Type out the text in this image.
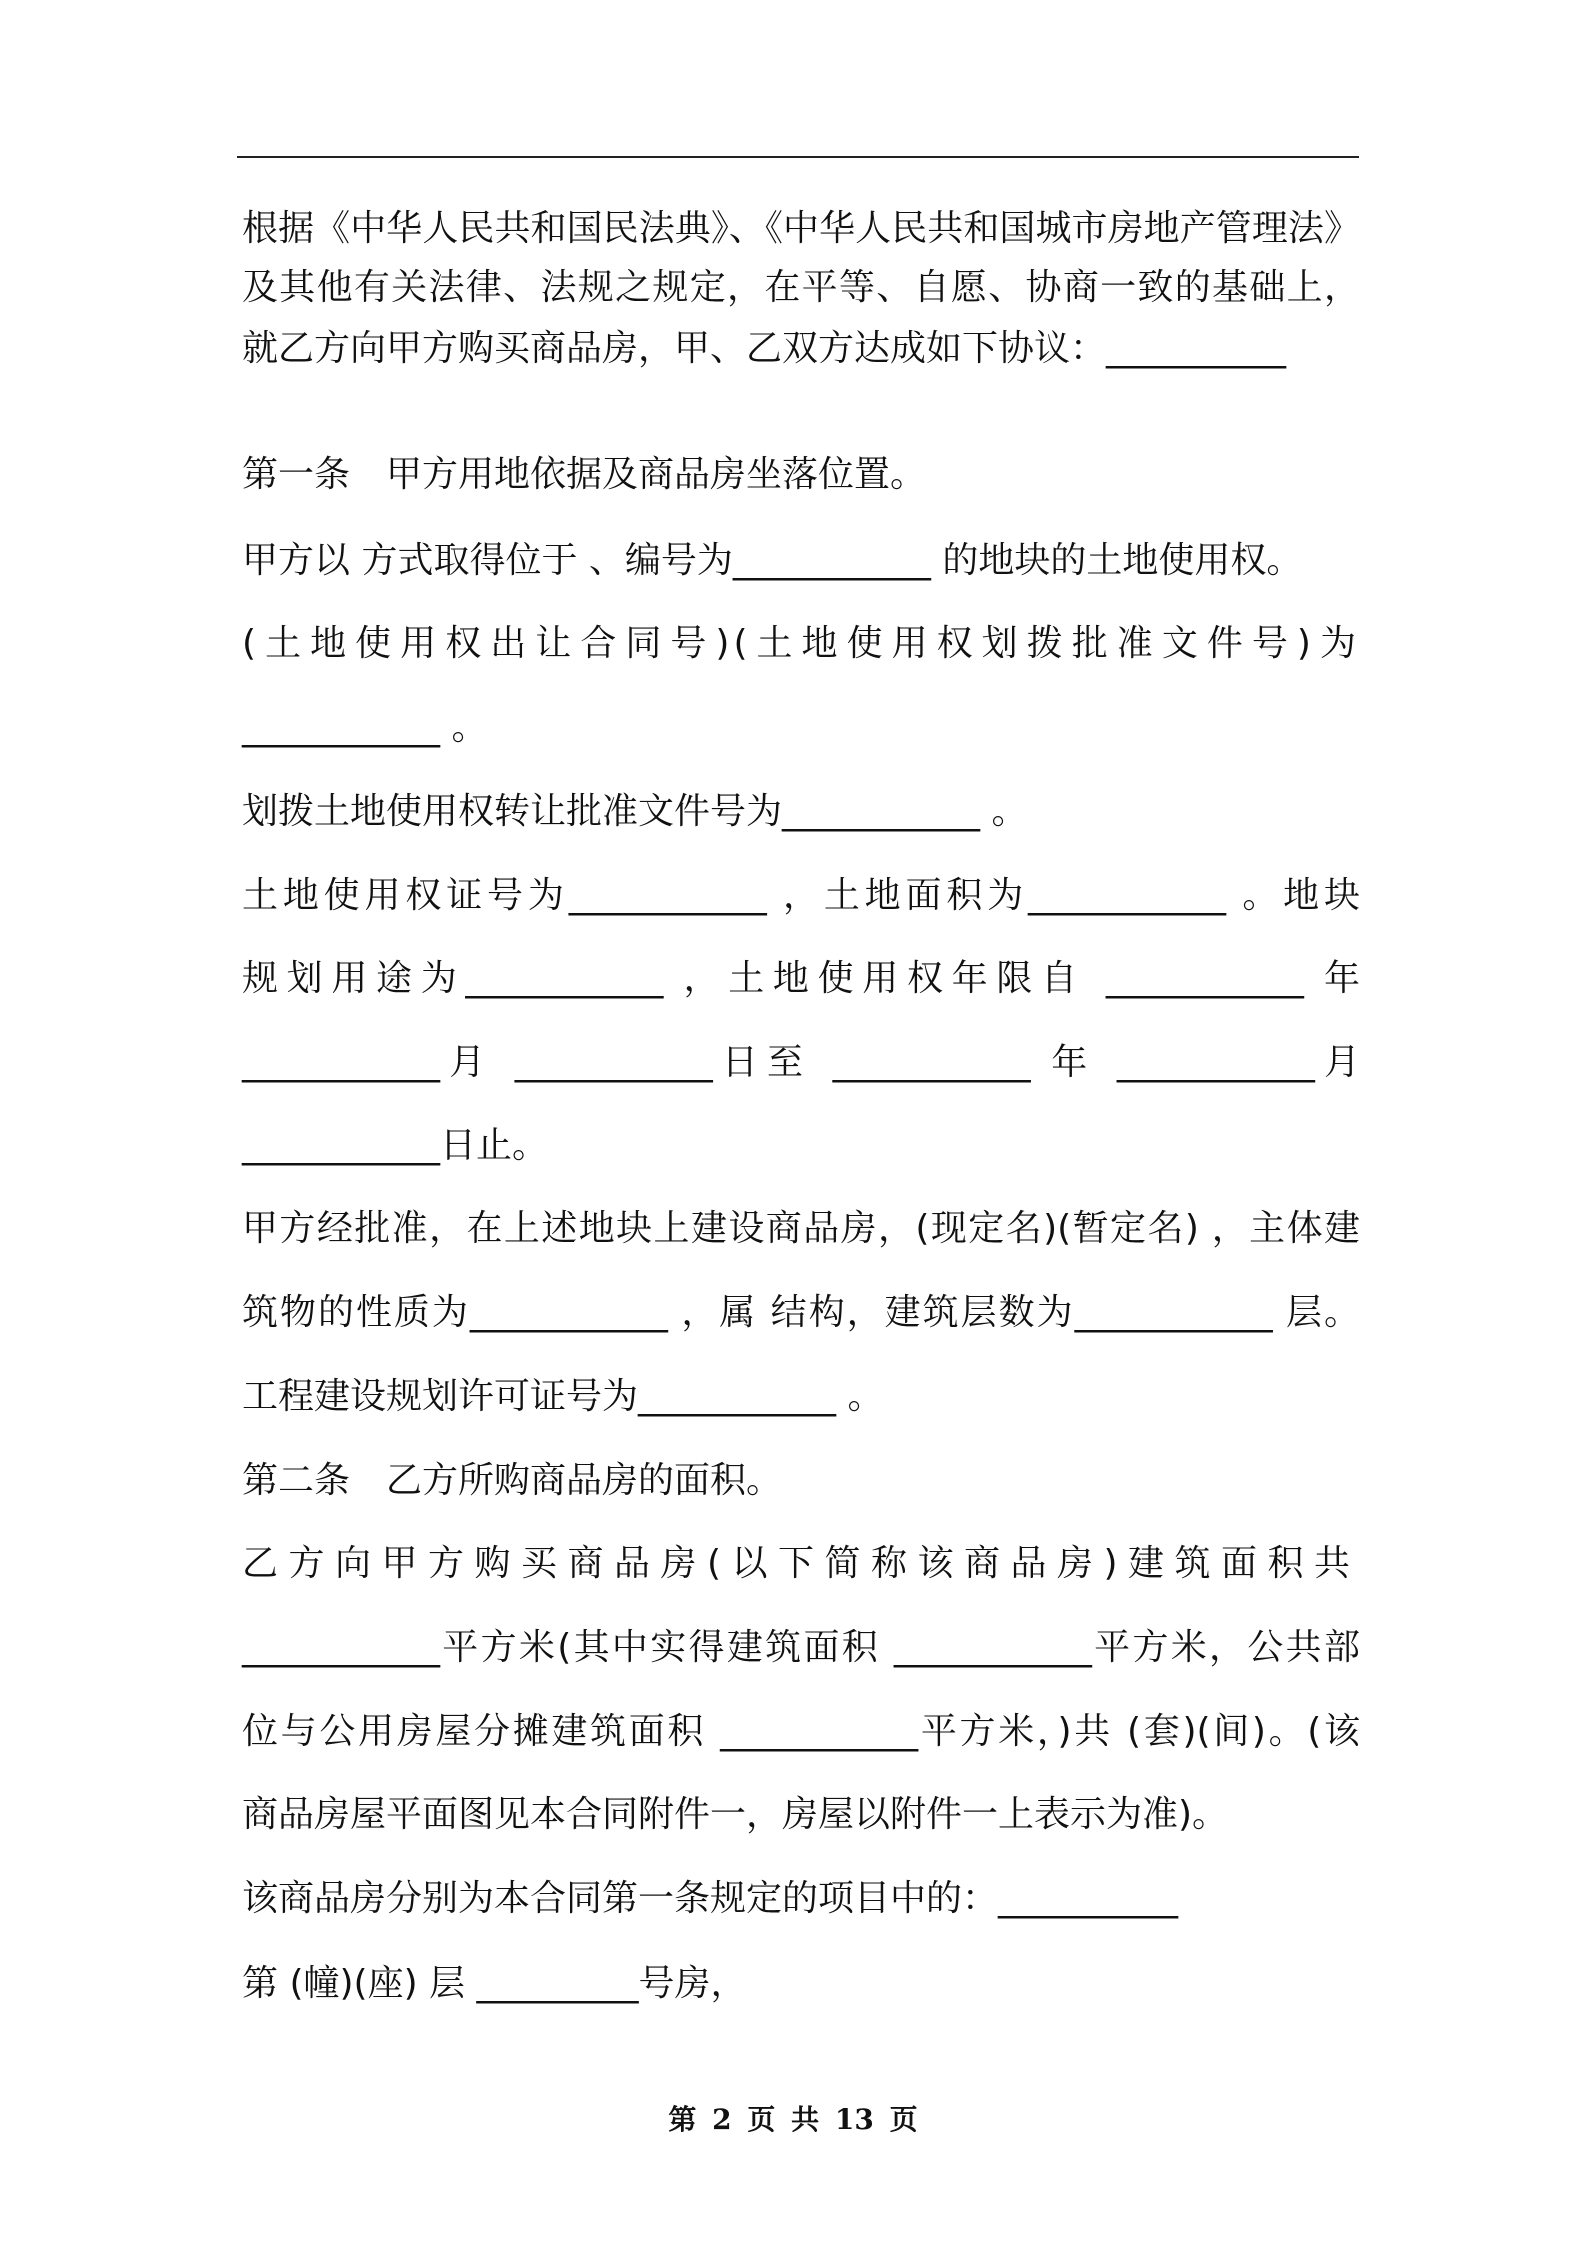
根据《中华人民共和国民法典》、《中华人民共和国城市房地产管理法》
及其他有关法律、法规之规定，在平等、自愿、协商一致的基础上，
就乙方向甲方购买商品房，甲、乙双方达成如下协议：__________
第一条　甲方用地依据及商品房坐落位置。
甲方以 方式取得位于 、编号为___________ 的地块的土地使用权。
(土地使用权出让合同号)(土地使用权划拨批准文件号)为
___________ 。
划拨土地使用权转让批准文件号为___________ 。
土地使用权证号为___________ ，土地面积为___________ 。地块
规划用途为___________ ，土地使用权年限自 ___________ 年
___________月 ___________日至 ___________ 年 ___________月
___________日止。
甲方经批准，在上述地块上建设商品房，(现定名)(暂定名) ，主体建
筑物的性质为___________ ，属 结构，建筑层数为___________ 层。
工程建设规划许可证号为___________ 。
第二条　乙方所购商品房的面积。
乙方向甲方购买商品房(以下简称该商品房)建筑面积共
___________平方米(其中实得建筑面积 ___________平方米，公共部
位与公用房屋分摊建筑面积 ___________平方米，)共 (套)(间)。(该
商品房屋平面图见本合同附件一，房屋以附件一上表示为准)。
该商品房分别为本合同第一条规定的项目中的：__________
第 (幢)(座) 层 _________号房，
第 2 页 共 13 页
